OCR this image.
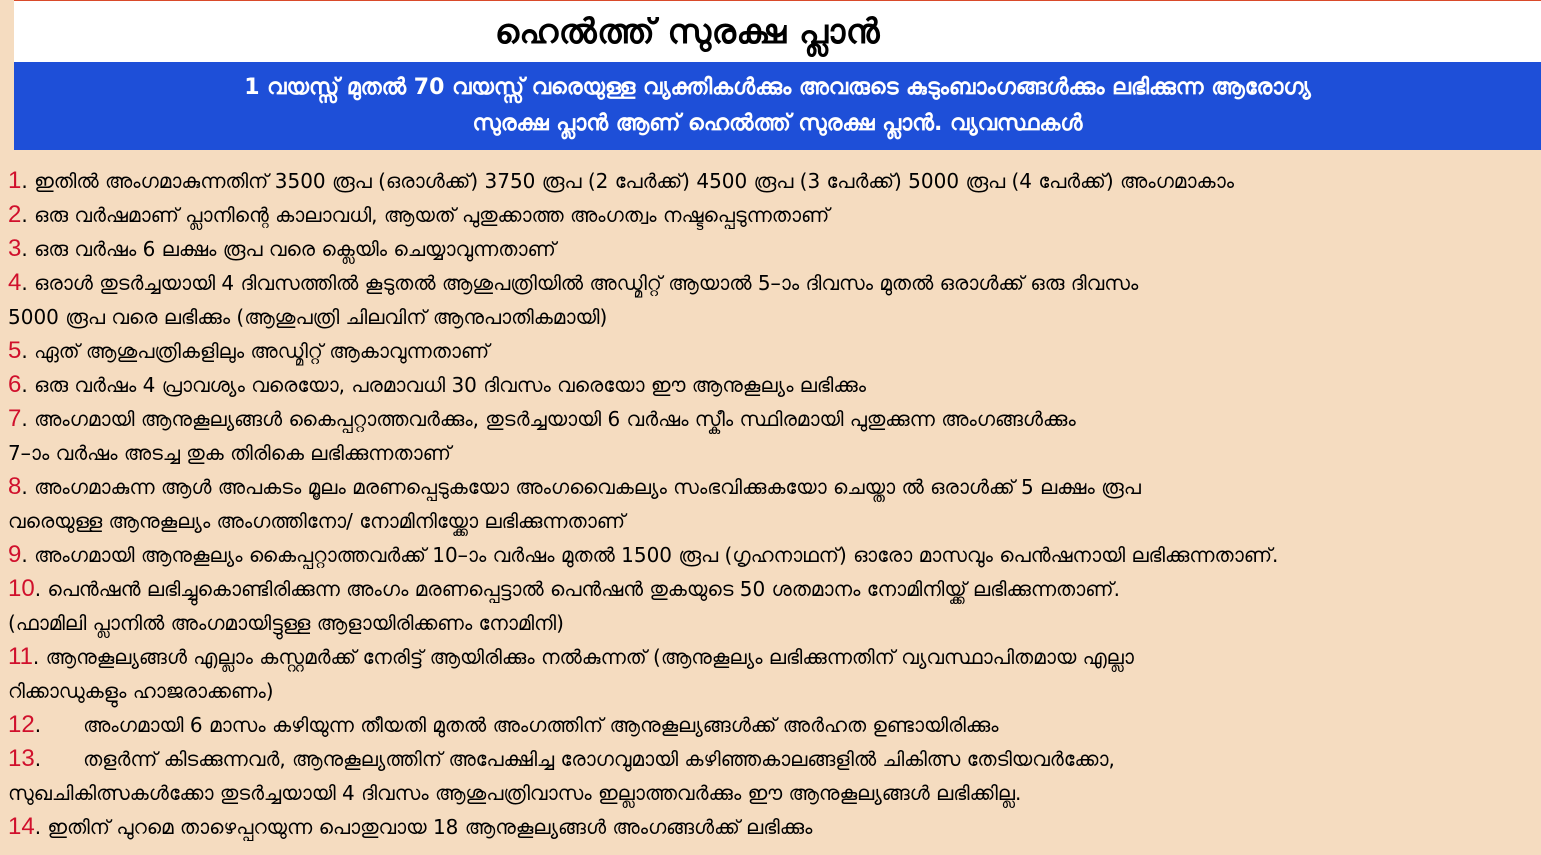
ഹെൽത്ത് സുരക്ഷ പ്ലാൻ
1 വയസ്സ് മുതൽ 70 വയസ്സ് വരെയുള്ള വ്യക്തികൾക്കും അവരുടെ കുടുംബാംഗങ്ങൾക്കും ലഭിക്കുന്ന ആരോഗ്യ
സുരക്ഷ പ്ലാൻ ആണ് ഹെൽത്ത് സുരക്ഷ പ്ലാൻ. വ്യവസ്ഥകൾ
1. ഇതിൽ അംഗമാകുന്നതിന് 3500 രൂപ (ഒരാൾക്ക്) 3750 രൂപ (2 പേർക്ക്) 4500 രൂപ (3 പേർക്ക്) 5000 രൂപ (4 പേർക്ക്) അംഗമാകാം
2. ഒരു വർഷമാണ് പ്ലാനിന്റെ കാലാവധി, ആയത് പുതുക്കാത്ത അംഗത്വം നഷ്ടപ്പെടുന്നതാണ്
3. ഒരു വർഷം 6 ലക്ഷം രൂപ വരെ ക്ലെയിം ചെയ്യാവുന്നതാണ്
4. ഒരാൾ തുടർച്ചയായി 4 ദിവസത്തിൽ കൂടുതൽ ആശുപത്രിയിൽ അഡ്മിറ്റ് ആയാൽ 5–ാം ദിവസം മുതൽ ഒരാൾക്ക് ഒരു ദിവസം
5000 രൂപ വരെ ലഭിക്കും (ആശുപത്രി ചിലവിന് ആനുപാതികമായി)
5. ഏത് ആശുപത്രികളിലും അഡ്മിറ്റ് ആകാവുന്നതാണ്
6. ഒരു വർഷം 4 പ്രാവശ്യം വരെയോ, പരമാവധി 30 ദിവസം വരെയോ ഈ ആനുകൂല്യം ലഭിക്കും
7. അംഗമായി ആനുകൂല്യങ്ങൾ കൈപ്പറ്റാത്തവർക്കും, തുടർച്ചയായി 6 വർഷം സ്കീം സ്ഥിരമായി പുതുക്കുന്ന അംഗങ്ങൾക്കും
7–ാം വർഷം അടച്ച തുക തിരികെ ലഭിക്കുന്നതാണ്
8. അംഗമാകുന്ന ആൾ അപകടം മൂലം മരണപ്പെടുകയോ അംഗവൈകല്യം സംഭവിക്കുകയോ ചെയ്താ ൽ ഒരാൾക്ക് 5 ലക്ഷം രൂപ
വരെയുള്ള ആനുകൂല്യം അംഗത്തിനോ/ നോമിനിയ്ക്കോ ലഭിക്കുന്നതാണ്
9. അംഗമായി ആനുകൂല്യം കൈപ്പറ്റാത്തവർക്ക് 10–ാം വർഷം മുതൽ 1500 രൂപ (ഗൃഹനാഥന്) ഓരോ മാസവും പെൻഷനായി ലഭിക്കുന്നതാണ്.
10. പെൻഷൻ ലഭിച്ചുകൊണ്ടിരിക്കുന്ന അംഗം മരണപ്പെട്ടാൽ പെൻഷൻ തുകയുടെ 50 ശതമാനം നോമിനിയ്ക്ക് ലഭിക്കുന്നതാണ്.
(ഫാമിലി പ്ലാനിൽ അംഗമായിട്ടുള്ള ആളായിരിക്കണം നോമിനി)
11. ആനുകൂല്യങ്ങൾ എല്ലാം കസ്റ്റമർക്ക് നേരിട്ട് ആയിരിക്കും നൽകുന്നത് (ആനുകൂല്യം ലഭിക്കുന്നതിന് വ്യവസ്ഥാപിതമായ എല്ലാ
റിക്കാഡുകളും ഹാജരാക്കണം)
12. അംഗമായി 6 മാസം കഴിയുന്ന തീയതി മുതൽ അംഗത്തിന് ആനുകൂല്യങ്ങൾക്ക് അർഹത ഉണ്ടായിരിക്കും
13. തളർന്ന് കിടക്കുന്നവർ, ആനുകൂല്യത്തിന് അപേക്ഷിച്ച രോഗവുമായി കഴിഞ്ഞകാലങ്ങളിൽ ചികിത്സ തേടിയവർക്കോ,
സുഖചികിത്സകൾക്കോ തുടർച്ചയായി 4 ദിവസം ആശുപത്രിവാസം ഇല്ലാത്തവർക്കും ഈ ആനുകൂല്യങ്ങൾ ലഭിക്കില്ല.
14. ഇതിന് പുറമെ താഴെപ്പറയുന്ന പൊതുവായ 18 ആനുകൂല്യങ്ങൾ അംഗങ്ങൾക്ക് ലഭിക്കും
